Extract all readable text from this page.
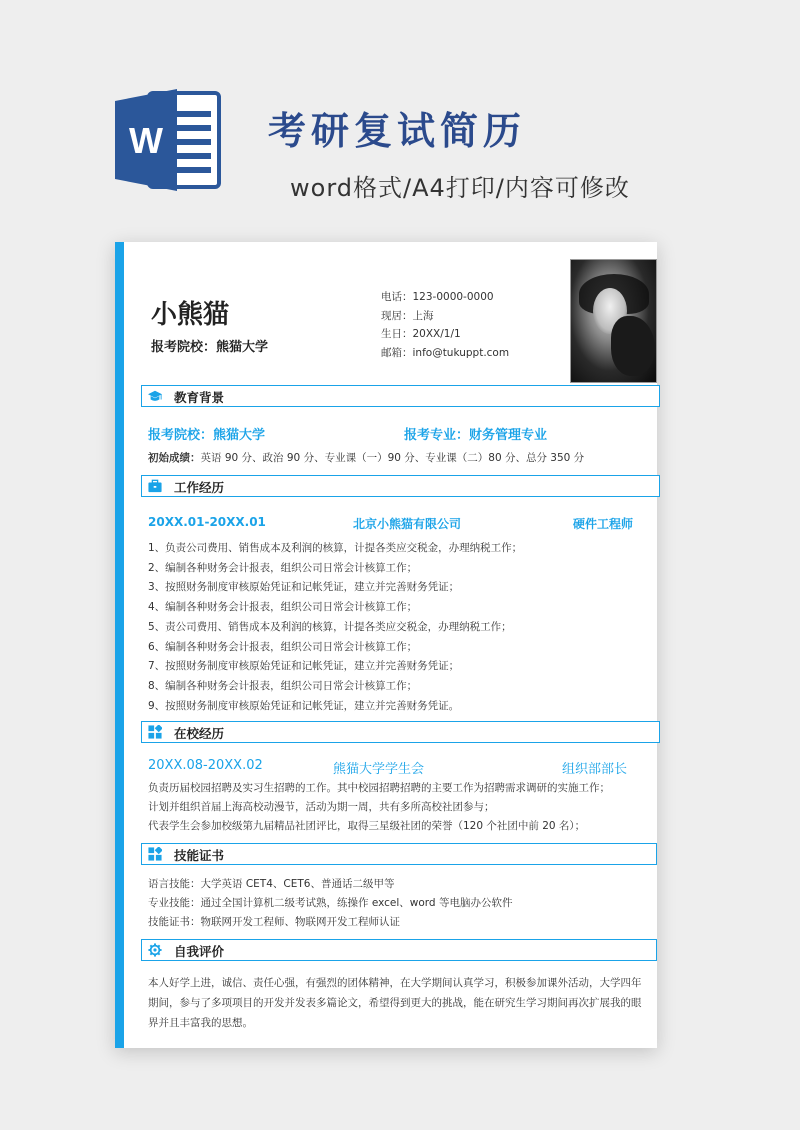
W	考研复试简历
word格式/A4打印/内容可修改
小熊猫
报考院校：熊猫大学
电话：123-0000-0000
现居：上海
生日：20XX/1/1
邮箱：info@tukuppt.com
教育背景
报考院校：熊猫大学	报考专业：财务管理专业
初始成绩：英语 90 分、政治 90 分、专业课（一）90 分、专业课（二）80 分、总分 350 分
工作经历
20XX.01-20XX.01	北京小熊猫有限公司	硬件工程师
1、负责公司费用、销售成本及利润的核算，计提各类应交税金，办理纳税工作；
2、编制各种财务会计报表，组织公司日常会计核算工作；
3、按照财务制度审核原始凭证和记帐凭证，建立并完善财务凭证；
4、编制各种财务会计报表，组织公司日常会计核算工作；
5、责公司费用、销售成本及利润的核算，计提各类应交税金，办理纳税工作；
6、编制各种财务会计报表，组织公司日常会计核算工作；
7、按照财务制度审核原始凭证和记帐凭证，建立并完善财务凭证；
8、编制各种财务会计报表，组织公司日常会计核算工作；
9、按照财务制度审核原始凭证和记帐凭证，建立并完善财务凭证。
在校经历
20XX.08-20XX.02	熊猫大学学生会	组织部部长
负责历届校园招聘及实习生招聘的工作。其中校园招聘招聘的主要工作为招聘需求调研的实施工作；
计划并组织首届上海高校动漫节，活动为期一周，共有多所高校社团参与；
代表学生会参加校级第九届精品社团评比，取得三星级社团的荣誉（120 个社团中前 20 名）；
技能证书
语言技能：大学英语 CET4、CET6、普通话二级甲等
专业技能：通过全国计算机二级考试熟，练操作 excel、word 等电脑办公软件
技能证书：物联网开发工程师、物联网开发工程师认证
自我评价
本人好学上进，诚信、责任心强，有强烈的团体精神，在大学期间认真学习，积极参加课外活动，大学四年
期间，参与了多项项目的开发并发表多篇论文，希望得到更大的挑战，能在研究生学习期间再次扩展我的眼
界并且丰富我的思想。
